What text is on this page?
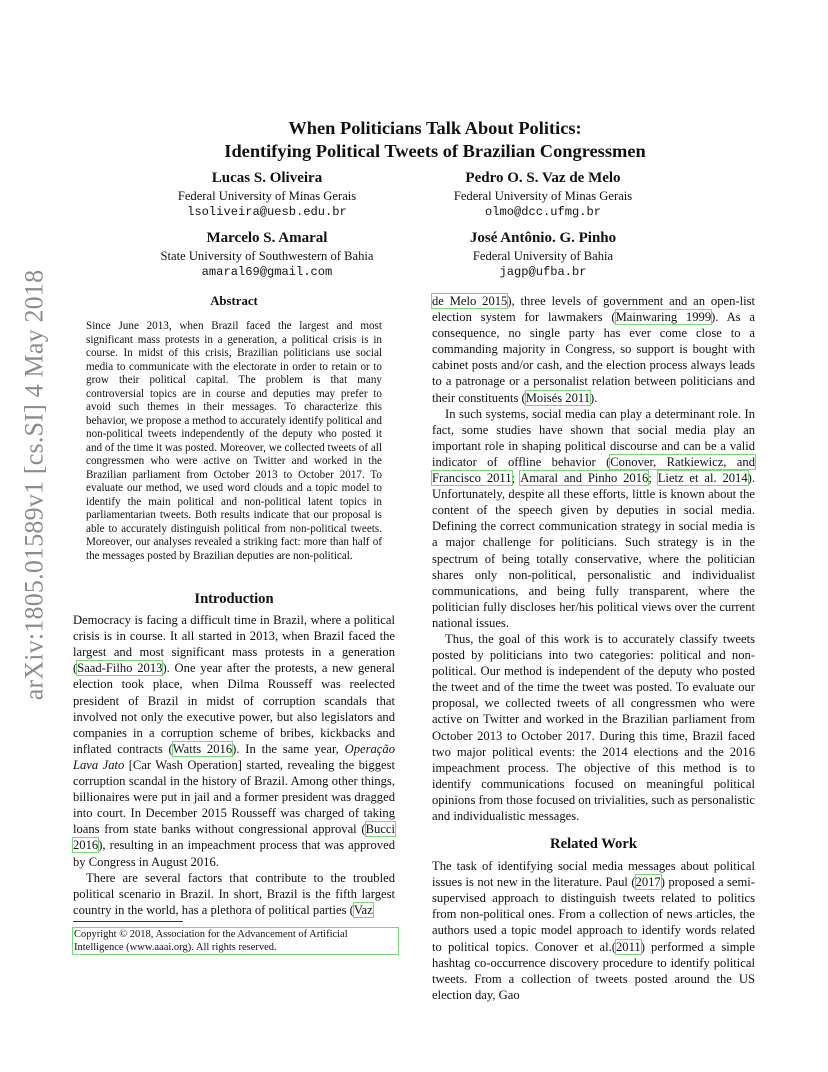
arXiv:1805.01589v1 [cs.SI] 4 May 2018
When Politicians Talk About Politics:
Identifying Political Tweets of Brazilian Congressmen
Lucas S. Oliveira
Federal University of Minas Gerais
lsoliveira@uesb.edu.br
Pedro O. S. Vaz de Melo
Federal University of Minas Gerais
olmo@dcc.ufmg.br
Marcelo S. Amaral
State University of Southwestern of Bahia
amaral69@gmail.com
José Antônio. G. Pinho
Federal University of Bahia
jagp@ufba.br
Abstract

Since June 2013, when Brazil faced the largest and most significant mass protests in a generation, a political crisis is in course. In midst of this crisis, Brazilian politicians use social media to communicate with the electorate in order to retain or to grow their political capital. The problem is that many controversial topics are in course and deputies may prefer to avoid such themes in their messages. To characterize this behavior, we propose a method to accurately identify political and non-political tweets independently of the deputy who posted it and of the time it was posted. Moreover, we collected tweets of all congressmen who were active on Twitter and worked in the Brazilian parliament from October 2013 to October 2017. To evaluate our method, we used word clouds and a topic model to identify the main political and non-political latent topics in parliamentarian tweets. Both results indicate that our proposal is able to accurately distinguish political from non-political tweets. Moreover, our analyses revealed a striking fact: more than half of the messages posted by Brazilian deputies are non-political.

Introduction

Democracy is facing a difficult time in Brazil, where a political crisis is in course. It all started in 2013, when Brazil faced the largest and most significant mass protests in a generation (Saad-Filho 2013). One year after the protests, a new general election took place, when Dilma Rousseff was reelected president of Brazil in midst of corruption scandals that involved not only the executive power, but also legislators and companies in a corruption scheme of bribes, kickbacks and inflated contracts (Watts 2016). In the same year, Operação Lava Jato [Car Wash Operation] started, revealing the biggest corruption scandal in the history of Brazil. Among other things, billionaires were put in jail and a former president was dragged into court. In December 2015 Rousseff was charged of taking loans from state banks without congressional approval (Bucci 2016), resulting in an impeachment process that was approved by Congress in August 2016.

There are several factors that contribute to the troubled political scenario in Brazil. In short, Brazil is the fifth largest country in the world, has a plethora of political parties (Vaz

Copyright © 2018, Association for the Advancement of Artificial Intelligence (www.aaai.org). All rights reserved.

de Melo 2015), three levels of government and an open-list election system for lawmakers (Mainwaring 1999). As a consequence, no single party has ever come close to a commanding majority in Congress, so support is bought with cabinet posts and/or cash, and the election process always leads to a patronage or a personalist relation between politicians and their constituents (Moisés 2011).

In such systems, social media can play a determinant role. In fact, some studies have shown that social media play an important role in shaping political discourse and can be a valid indicator of offline behavior (Conover, Ratkiewicz, and Francisco 2011; Amaral and Pinho 2016; Lietz et al. 2014). Unfortunately, despite all these efforts, little is known about the content of the speech given by deputies in social media. Defining the correct communication strategy in social media is a major challenge for politicians. Such strategy is in the spectrum of being totally conservative, where the politician shares only non-political, personalistic and individualist communications, and being fully transparent, where the politician fully discloses her/his political views over the current national issues.

Thus, the goal of this work is to accurately classify tweets posted by politicians into two categories: political and non-political. Our method is independent of the deputy who posted the tweet and of the time the tweet was posted. To evaluate our proposal, we collected tweets of all congressmen who were active on Twitter and worked in the Brazilian parliament from October 2013 to October 2017. During this time, Brazil faced two major political events: the 2014 elections and the 2016 impeachment process. The objective of this method is to identify communications focused on meaningful political opinions from those focused on trivialities, such as personalistic and individualistic messages.

Related Work

The task of identifying social media messages about political issues is not new in the literature. Paul (2017) proposed a semi-supervised approach to distinguish tweets related to politics from non-political ones. From a collection of news articles, the authors used a topic model approach to identify words related to political topics. Conover et al.(2011) performed a simple hashtag co-occurrence discovery procedure to identify political tweets. From a collection of tweets posted around the US election day, Gao
